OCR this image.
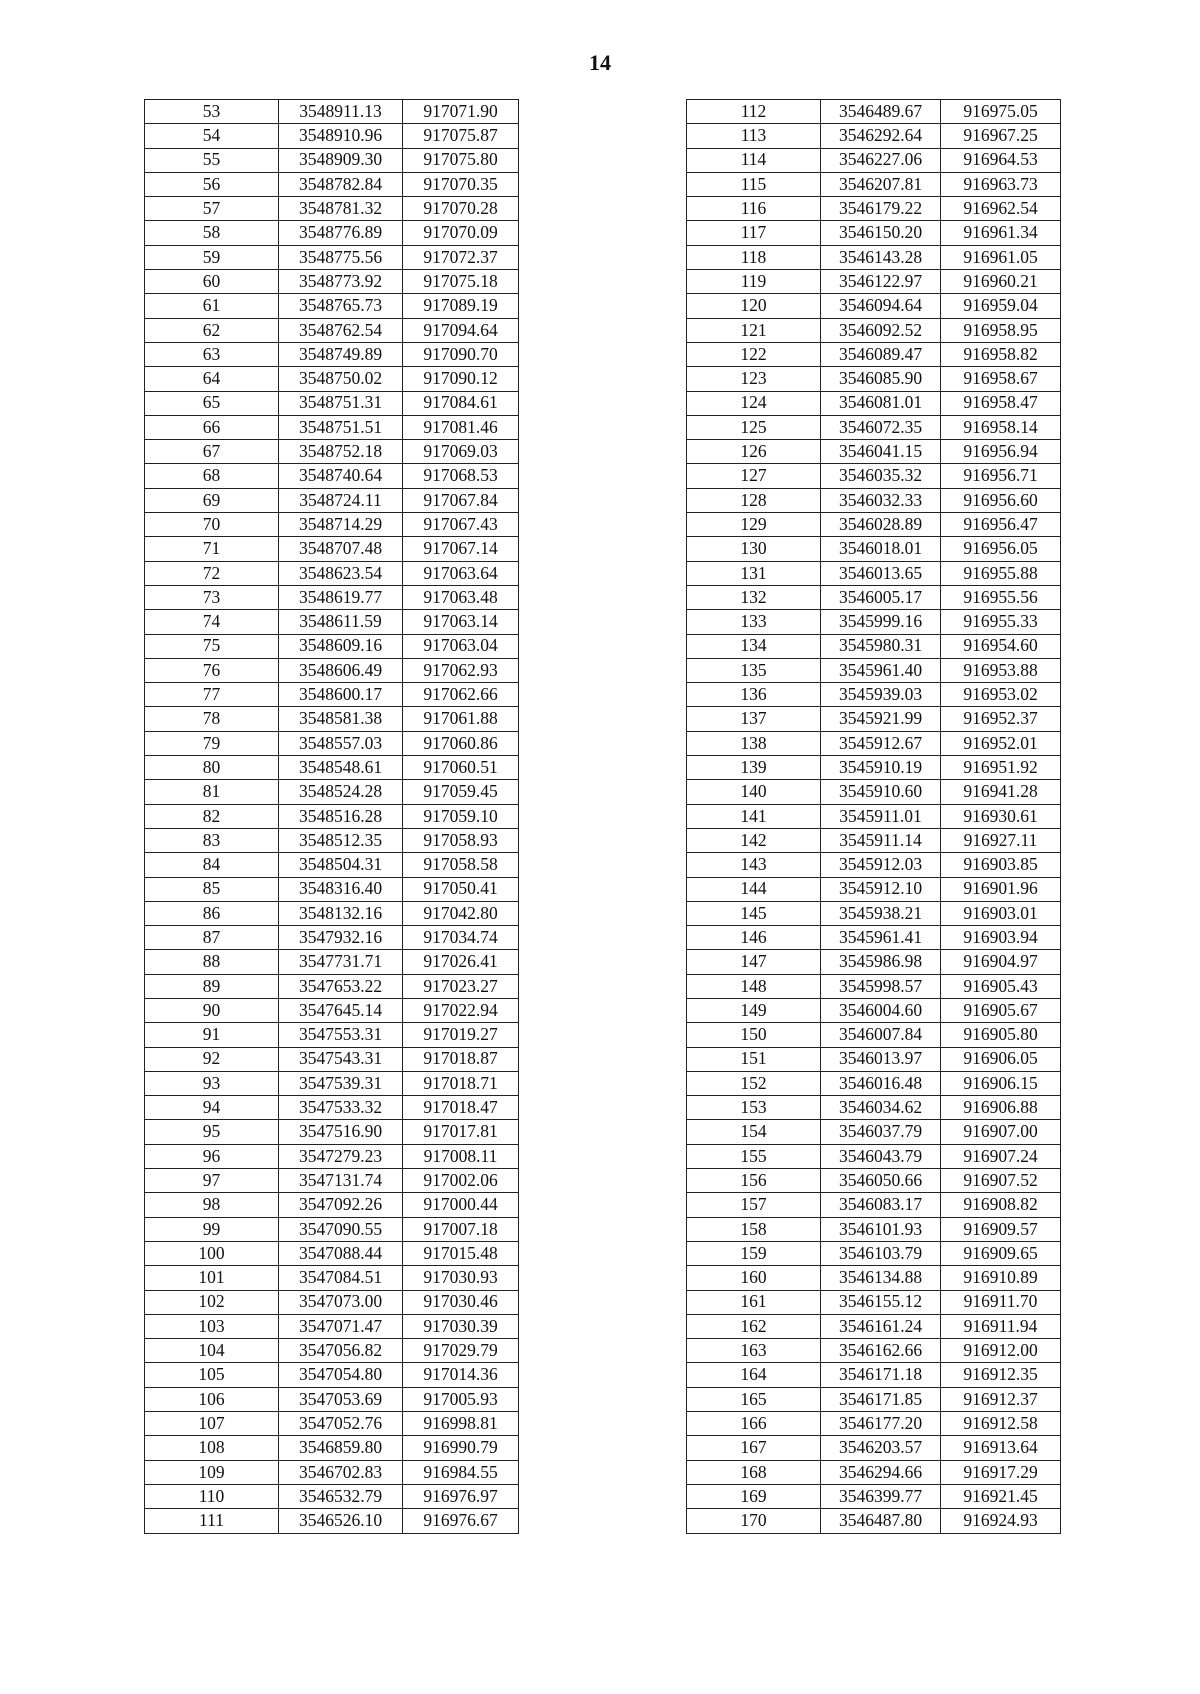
14
53	3548911.13	917071.90
54	3548910.96	917075.87
55	3548909.30	917075.80
56	3548782.84	917070.35
57	3548781.32	917070.28
58	3548776.89	917070.09
59	3548775.56	917072.37
60	3548773.92	917075.18
61	3548765.73	917089.19
62	3548762.54	917094.64
63	3548749.89	917090.70
64	3548750.02	917090.12
65	3548751.31	917084.61
66	3548751.51	917081.46
67	3548752.18	917069.03
68	3548740.64	917068.53
69	3548724.11	917067.84
70	3548714.29	917067.43
71	3548707.48	917067.14
72	3548623.54	917063.64
73	3548619.77	917063.48
74	3548611.59	917063.14
75	3548609.16	917063.04
76	3548606.49	917062.93
77	3548600.17	917062.66
78	3548581.38	917061.88
79	3548557.03	917060.86
80	3548548.61	917060.51
81	3548524.28	917059.45
82	3548516.28	917059.10
83	3548512.35	917058.93
84	3548504.31	917058.58
85	3548316.40	917050.41
86	3548132.16	917042.80
87	3547932.16	917034.74
88	3547731.71	917026.41
89	3547653.22	917023.27
90	3547645.14	917022.94
91	3547553.31	917019.27
92	3547543.31	917018.87
93	3547539.31	917018.71
94	3547533.32	917018.47
95	3547516.90	917017.81
96	3547279.23	917008.11
97	3547131.74	917002.06
98	3547092.26	917000.44
99	3547090.55	917007.18
100	3547088.44	917015.48
101	3547084.51	917030.93
102	3547073.00	917030.46
103	3547071.47	917030.39
104	3547056.82	917029.79
105	3547054.80	917014.36
106	3547053.69	917005.93
107	3547052.76	916998.81
108	3546859.80	916990.79
109	3546702.83	916984.55
110	3546532.79	916976.97
111	3546526.10	916976.67
112	3546489.67	916975.05
113	3546292.64	916967.25
114	3546227.06	916964.53
115	3546207.81	916963.73
116	3546179.22	916962.54
117	3546150.20	916961.34
118	3546143.28	916961.05
119	3546122.97	916960.21
120	3546094.64	916959.04
121	3546092.52	916958.95
122	3546089.47	916958.82
123	3546085.90	916958.67
124	3546081.01	916958.47
125	3546072.35	916958.14
126	3546041.15	916956.94
127	3546035.32	916956.71
128	3546032.33	916956.60
129	3546028.89	916956.47
130	3546018.01	916956.05
131	3546013.65	916955.88
132	3546005.17	916955.56
133	3545999.16	916955.33
134	3545980.31	916954.60
135	3545961.40	916953.88
136	3545939.03	916953.02
137	3545921.99	916952.37
138	3545912.67	916952.01
139	3545910.19	916951.92
140	3545910.60	916941.28
141	3545911.01	916930.61
142	3545911.14	916927.11
143	3545912.03	916903.85
144	3545912.10	916901.96
145	3545938.21	916903.01
146	3545961.41	916903.94
147	3545986.98	916904.97
148	3545998.57	916905.43
149	3546004.60	916905.67
150	3546007.84	916905.80
151	3546013.97	916906.05
152	3546016.48	916906.15
153	3546034.62	916906.88
154	3546037.79	916907.00
155	3546043.79	916907.24
156	3546050.66	916907.52
157	3546083.17	916908.82
158	3546101.93	916909.57
159	3546103.79	916909.65
160	3546134.88	916910.89
161	3546155.12	916911.70
162	3546161.24	916911.94
163	3546162.66	916912.00
164	3546171.18	916912.35
165	3546171.85	916912.37
166	3546177.20	916912.58
167	3546203.57	916913.64
168	3546294.66	916917.29
169	3546399.77	916921.45
170	3546487.80	916924.93
